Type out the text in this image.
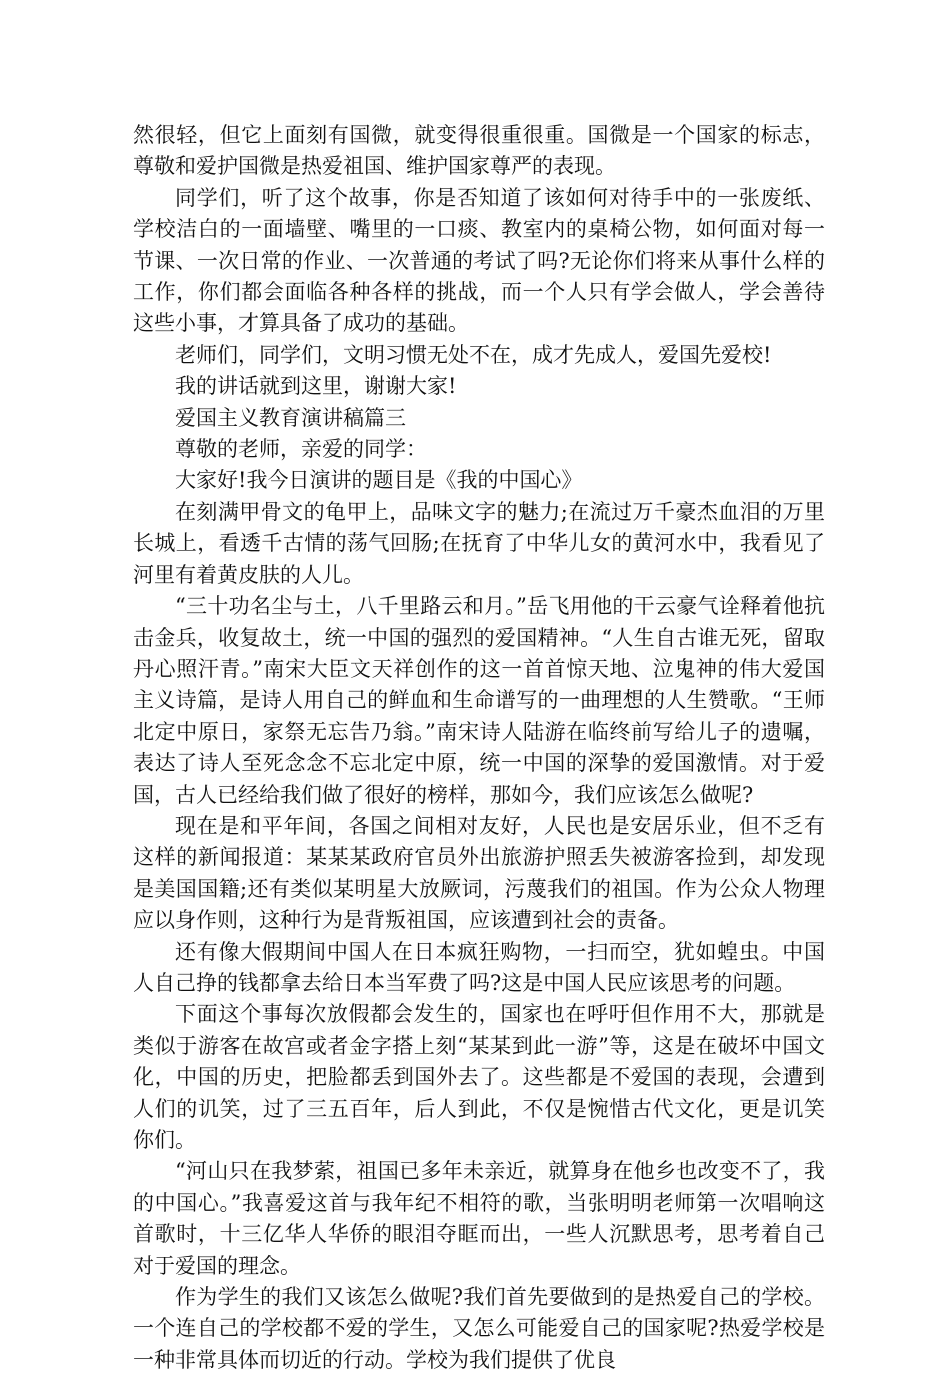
然很轻，但它上面刻有国微，就变得很重很重。国微是一个国家的标志，尊敬和爱护国微是热爱祖国、维护国家尊严的表现。

同学们，听了这个故事，你是否知道了该如何对待手中的一张废纸、学校洁白的一面墙壁、嘴里的一口痰、教室内的桌椅公物，如何面对每一节课、一次日常的作业、一次普通的考试了吗?无论你们将来从事什么样的工作，你们都会面临各种各样的挑战，而一个人只有学会做人，学会善待这些小事，才算具备了成功的基础。

老师们，同学们，文明习惯无处不在，成才先成人，爱国先爱校!

我的讲话就到这里，谢谢大家!

爱国主义教育演讲稿篇三

尊敬的老师，亲爱的同学：

大家好!我今日演讲的题目是《我的中国心》

在刻满甲骨文的龟甲上，品味文字的魅力;在流过万千豪杰血泪的万里长城上，看透千古情的荡气回肠;在抚育了中华儿女的黄河水中，我看见了河里有着黄皮肤的人儿。

“三十功名尘与土，八千里路云和月。”岳飞用他的干云豪气诠释着他抗击金兵，收复故土，统一中国的强烈的爱国精神。“人生自古谁无死，留取丹心照汗青。”南宋大臣文天祥创作的这一首首惊天地、泣鬼神的伟大爱国主义诗篇，是诗人用自己的鲜血和生命谱写的一曲理想的人生赞歌。“王师北定中原日，家祭无忘告乃翁。”南宋诗人陆游在临终前写给儿子的遗嘱，表达了诗人至死念念不忘北定中原，统一中国的深挚的爱国激情。对于爱国，古人已经给我们做了很好的榜样，那如今，我们应该怎么做呢?

现在是和平年间，各国之间相对友好，人民也是安居乐业，但不乏有这样的新闻报道：某某某政府官员外出旅游护照丢失被游客捡到，却发现是美国国籍;还有类似某明星大放厥词，污蔑我们的祖国。作为公众人物理应以身作则，这种行为是背叛祖国，应该遭到社会的责备。

还有像大假期间中国人在日本疯狂购物，一扫而空，犹如蝗虫。中国人自己挣的钱都拿去给日本当军费了吗?这是中国人民应该思考的问题。

下面这个事每次放假都会发生的，国家也在呼吁但作用不大，那就是类似于游客在故宫或者金字搭上刻“某某到此一游”等，这是在破坏中国文化，中国的历史，把脸都丢到国外去了。这些都是不爱国的表现，会遭到人们的讥笑，过了三五百年，后人到此，不仅是惋惜古代文化，更是讥笑你们。

“河山只在我梦萦，祖国已多年未亲近，就算身在他乡也改变不了，我的中国心。”我喜爱这首与我年纪不相符的歌，当张明明老师第一次唱响这首歌时，十三亿华人华侨的眼泪夺眶而出，一些人沉默思考，思考着自己对于爱国的理念。

作为学生的我们又该怎么做呢?我们首先要做到的是热爱自己的学校。一个连自己的学校都不爱的学生，又怎么可能爱自己的国家呢?热爱学校是一种非常具体而切近的行动。学校为我们提供了优良
